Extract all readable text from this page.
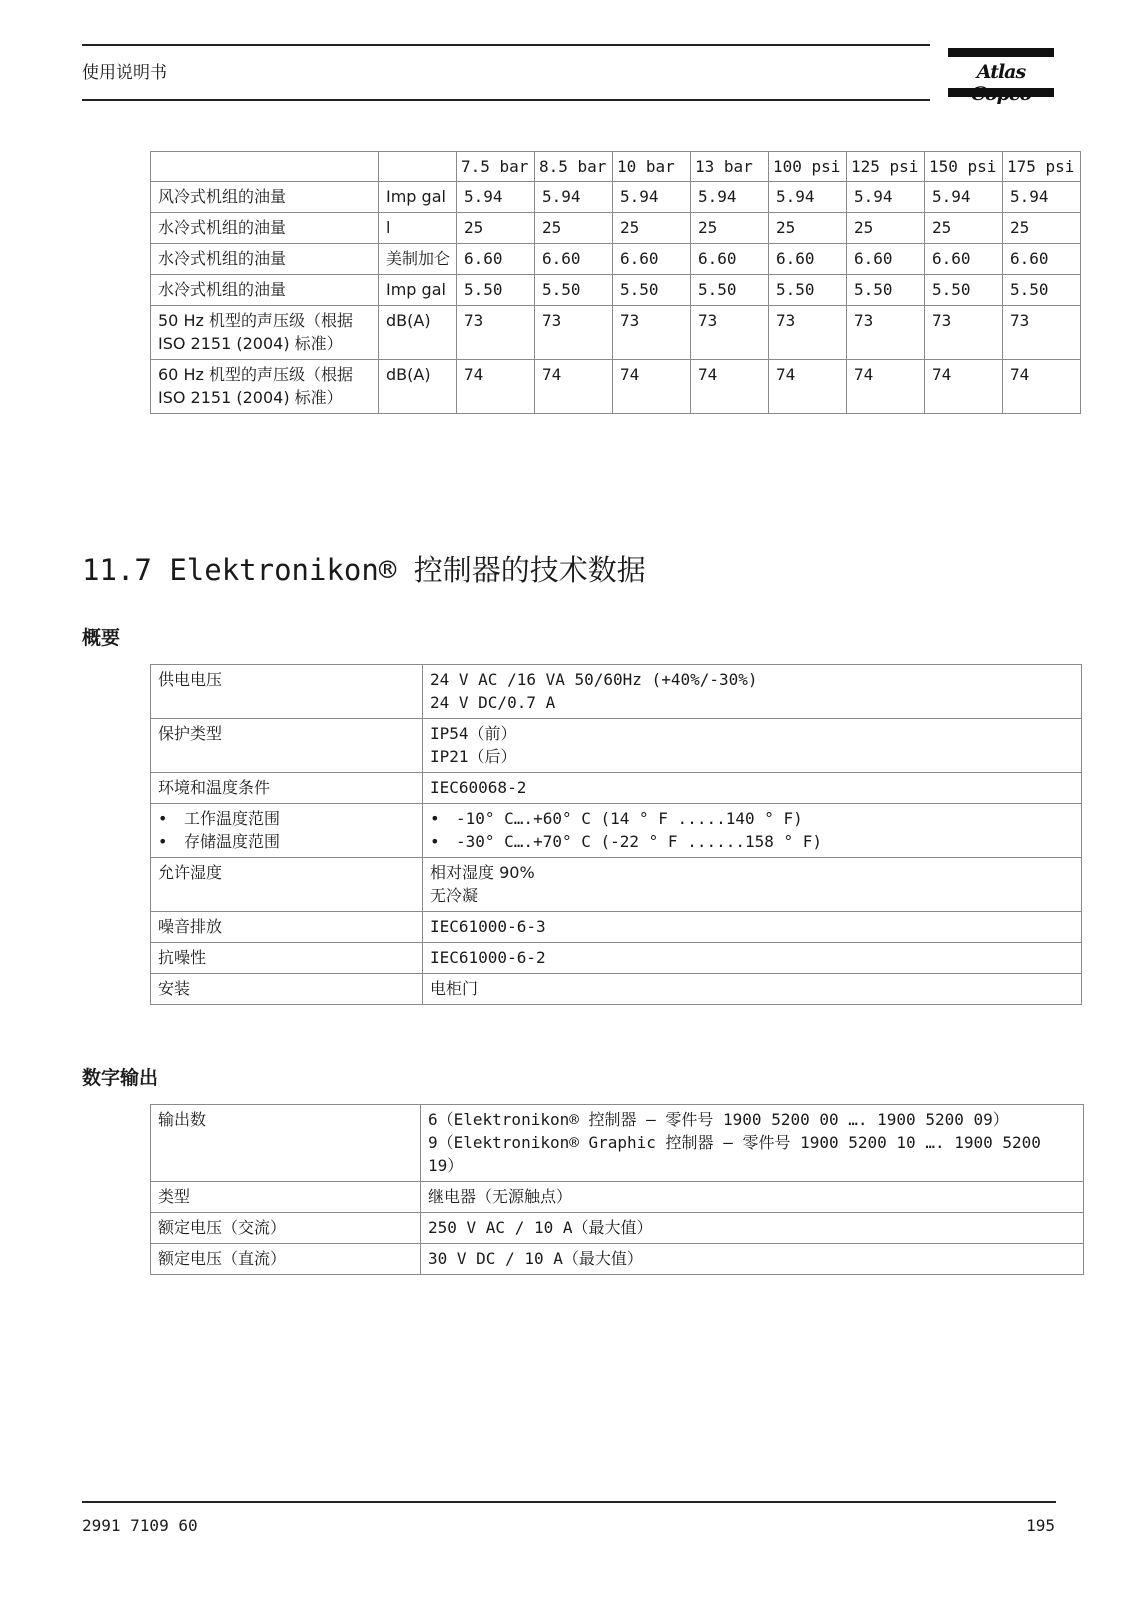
使用说明书	Atlas
		7.5 bar	8.5 bar	10 bar	13 bar	100 psi	125 psi	150 psi	175 psi
风冷式机组的油量	Imp gal	5.94	5.94	5.94	5.94	5.94	5.94	5.94	5.94
水冷式机组的油量	l	25	25	25	25	25	25	25	25
水冷式机组的油量	美制加仑	6.60	6.60	6.60	6.60	6.60	6.60	6.60	6.60
水冷式机组的油量	Imp gal	5.50	5.50	5.50	5.50	5.50	5.50	5.50	5.50
50 Hz 机型的声压级（根据 ISO 2151 (2004) 标准）	dB(A)	73	73	73	73	73	73	73	73
60 Hz 机型的声压级（根据 ISO 2151 (2004) 标准）	dB(A)	74	74	74	74	74	74	74	74
11.7 Elektronikon® 控制器的技术数据
概要
供电电压	24 V AC /16 VA 50/60Hz (+40%/-30%)
24 V DC/0.7 A

保护类型	IP54（前）
IP21（后）

环境和温度条件	IEC60068-2

• 工作温度范围
• 存储温度范围	• -10° C….+60° C (14 ° F .....140 ° F)
• -30° C….+70° C (-22 ° F ......158 ° F)

允许湿度	相对湿度 90%
无冷凝

噪音排放	IEC61000-6-3
抗噪性	IEC61000-6-2
安装	电柜门
数字输出
输出数	6（Elektronikon® 控制器 – 零件号 1900 5200 00 …. 1900 5200 09）
9（Elektronikon® Graphic 控制器 – 零件号 1900 5200 10 …. 1900 5200 19）

类型	继电器（无源触点）
额定电压（交流）	250 V AC / 10 A（最大值）
额定电压（直流）	30 V DC / 10 A（最大值）
2991 7109 60	195
